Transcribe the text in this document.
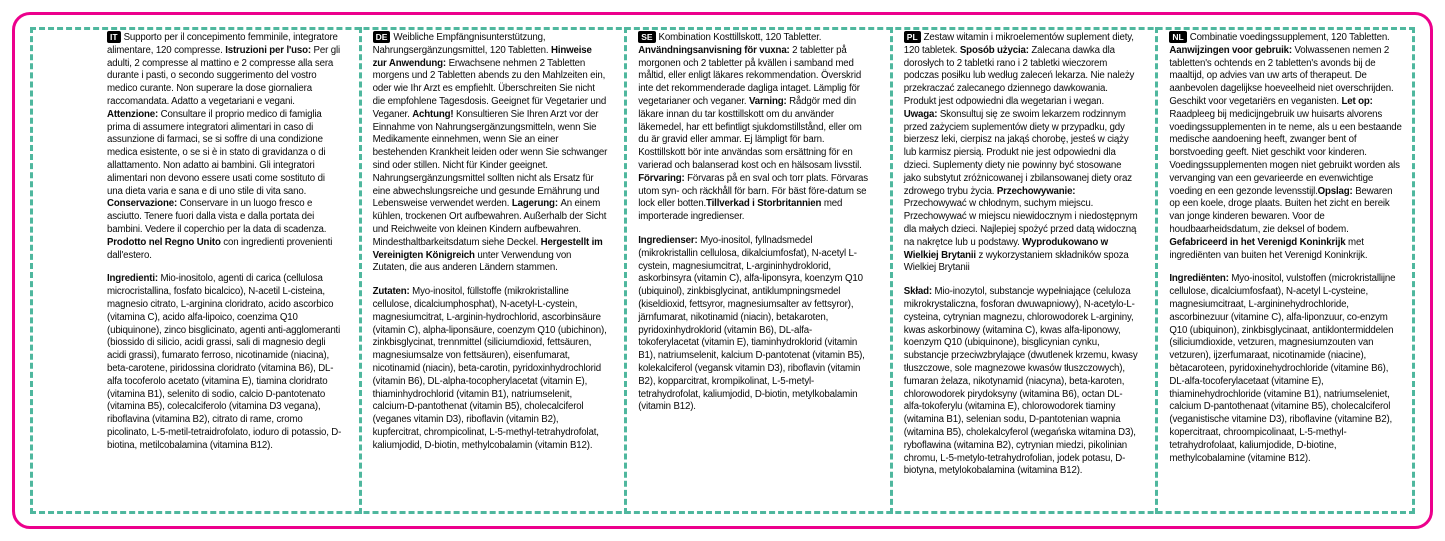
IT Supporto per il concepimento femminile, integratore alimentare, 120 compresse. Istruzioni per l'uso: Per gli adulti, 2 compresse al mattino e 2 compresse alla sera durante i pasti, o secondo suggerimento del vostro medico curante. Non superare la dose giornaliera raccomandata. Adatto a vegetariani e vegani. Attenzione: Consultare il proprio medico di famiglia prima di assumere integratori alimentari in caso di assunzione di farmaci, se si soffre di una condizione medica esistente, o se si è in stato di gravidanza o di allattamento. Non adatto ai bambini. Gli integratori alimentari non devono essere usati come sostituto di una dieta varia e sana e di uno stile di vita sano. Conservazione: Conservare in un luogo fresco e asciutto. Tenere fuori dalla vista e dalla portata dei bambini. Vedere il coperchio per la data di scadenza. Prodotto nel Regno Unito con ingredienti provenienti dall'estero.

Ingredienti: Mio-inositolo, agenti di carica (cellulosa microcristallina, fosfato bicalcico), N-acetil L-cisteina, magnesio citrato, L-arginina cloridrato, acido ascorbico (vitamina C), acido alfa-lipoico, coenzima Q10 (ubiquinone), zinco bisglicinato, agenti anti-agglomeranti (biossido di silicio, acidi grassi, sali di magnesio degli acidi grassi), fumarato ferroso, nicotinamide (niacina), beta-carotene, piridossina cloridrato (vitamina B6), DL-alfa tocoferolo acetato (vitamina E), tiamina cloridrato (vitamina B1), selenito di sodio, calcio D-pantotenato (vitamina B5), colecalciferolo (vitamina D3 vegana), riboflavina (vitamina B2), citrato di rame, cromo picolinato, L-5-metil-tetraidrofolato, ioduro di potassio, D-biotina, metilcobalamina (vitamina B12).

DE Weibliche Empfängnisunterstützung, Nahrungsergänzungsmittel, 120 Tabletten. Hinweise zur Anwendung: Erwachsene nehmen 2 Tabletten morgens und 2 Tabletten abends zu den Mahlzeiten ein, oder wie Ihr Arzt es empfiehlt. Überschreiten Sie nicht die empfohlene Tagesdosis. Geeignet für Vegetarier und Veganer. Achtung! Konsultieren Sie Ihren Arzt vor der Einnahme von Nahrungsergänzungsmitteln, wenn Sie Medikamente einnehmen, wenn Sie an einer bestehenden Krankheit leiden oder wenn Sie schwanger sind oder stillen. Nicht für Kinder geeignet. Nahrungsergänzungsmittel sollten nicht als Ersatz für eine abwechslungsreiche und gesunde Ernährung und Lebensweise verwendet werden. Lagerung: An einem kühlen, trockenen Ort aufbewahren. Außerhalb der Sicht und Reichweite von kleinen Kindern aufbewahren. Mindesthaltbarkeitsdatum siehe Deckel. Hergestellt im Vereinigten Königreich unter Verwendung von Zutaten, die aus anderen Ländern stammen.

Zutaten: Myo-inositol, füllstoffe (mikrokristalline cellulose, dicalciumphosphat), N-acetyl-L-cystein, magnesiumcitrat, L-arginin-hydrochlorid, ascorbinsäure (vitamin C), alpha-liponsäure, coenzym Q10 (ubichinon), zinkbisglycinat, trennmittel (siliciumdioxid, fettsäuren, magnesiumsalze von fettsäuren), eisenfumarat, nicotinamid (niacin), beta-carotin, pyridoxinhydrochlorid (vitamin B6), DL-alpha-tocopherylacetat (vitamin E), thiaminhydrochlorid (vitamin B1), natriumselenit, calcium-D-pantothenat (vitamin B5), cholecalciferol (veganes vitamin D3), riboflavin (vitamin B2), kupfercitrat, chrompicolinat, L-5-methyl-tetrahydrofolat, kaliumjodid, D-biotin, methylcobalamin (vitamin B12).

SE Kombination Kosttillskott, 120 Tabletter. Användningsanvisning för vuxna: 2 tabletter på morgonen och 2 tabletter på kvällen i samband med måltid, eller enligt läkares rekommendation. Överskrid inte det rekommenderade dagliga intaget. Lämplig för vegetarianer och veganer. Varning: Rådgör med din läkare innan du tar kosttillskott om du använder läkemedel, har ett befintligt sjukdomstillstånd, eller om du är gravid eller ammar. Ej lämpligt för barn. Kosttillskott bör inte användas som ersättning för en varierad och balanserad kost och en hälsosam livsstil. Förvaring: Förvaras på en sval och torr plats. Förvaras utom syn- och räckhåll för barn. För bäst före-datum se lock eller botten.Tillverkad i Storbritannien med importerade ingredienser.

Ingredienser: Myo-inositol, fyllnadsmedel (mikrokristallin cellulosa, dikalciumfosfat), N-acetyl L-cystein, magnesiumcitrat, L-argininhydroklorid, askorbinsyra (vitamin C), alfa-liponsyra, koenzym Q10 (ubiquinol), zinkbisglycinat, antiklumpningsmedel (kiseldioxid, fettsyror, magnesiumsalter av fettsyror), järnfumarat, nikotinamid (niacin), betakaroten, pyridoxinhydroklorid (vitamin B6), DL-alfa-tokoferylacetat (vitamin E), tiaminhydroklorid (vitamin B1), natriumselenit, kalcium D-pantotenat (vitamin B5), kolekalciferol (vegansk vitamin D3), riboflavin (vitamin B2), kopparcitrat, krompikolinat, L-5-metyl-tetrahydrofolat, kaliumjodid, D-biotin, metylkobalamin (vitamin B12).

PL Zestaw witamin i mikroelementów suplement diety, 120 tabletek. Sposób użycia: Zalecana dawka dla dorosłych to 2 tabletki rano i 2 tabletki wieczorem podczas posiłku lub według zaleceń lekarza. Nie należy przekraczać zalecanego dziennego dawkowania. Produkt jest odpowiedni dla wegetarian i wegan. Uwaga: Skonsultuj się ze swoim lekarzem rodzinnym przed zażyciem suplementów diety w przypadku, gdy bierzesz leki, cierpisz na jakąś chorobę, jesteś w ciąży lub karmisz piersią. Produkt nie jest odpowiedni dla dzieci. Suplementy diety nie powinny być stosowane jako substytut zróżnicowanej i zbilansowanej diety oraz zdrowego trybu życia. Przechowywanie: Przechowywać w chłodnym, suchym miejscu. Przechowywać w miejscu niewidocznym i niedostępnym dla małych dzieci. Najlepiej spożyć przed datą widoczną na nakrętce lub u podstawy. Wyprodukowano w Wielkiej Brytanii z wykorzystaniem składników spoza Wielkiej Brytanii

Skład: Mio-inozytol, substancje wypełniające (celuloza mikrokrystaliczna, fosforan dwuwapniowy), N-acetylo-L-cysteina, cytrynian magnezu, chlorowodorek L-argininy, kwas askorbinowy (witamina C), kwas alfa-liponowy, koenzym Q10 (ubiquinone), bisglicynian cynku, substancje przeciwzbrylające (dwutlenek krzemu, kwasy tłuszczowe, sole magnezowe kwasów tłuszczowych), fumaran żelaza, nikotynamid (niacyna), beta-karoten, chlorowodorek pirydoksyny (witamina B6), octan DL-alfa-tokoferylu (witamina E), chlorowodorek tiaminy (witamina B1), selenian sodu, D-pantotenian wapnia (witamina B5), cholekalcyferol (wegańska witamina D3), ryboflawina (witamina B2), cytrynian miedzi, pikolinian chromu, L-5-metylo-tetrahydrofolian, jodek potasu, D-biotyna, metylokobalamina (witamina B12).

NL Combinatie voedingssupplement, 120 Tabletten. Aanwijzingen voor gebruik: Volwassenen nemen 2 tabletten's ochtends en 2 tabletten's avonds bij de maaltijd, op advies van uw arts of therapeut. De aanbevolen dagelijkse hoeveelheid niet overschrijden. Geschikt voor vegetariërs en veganisten. Let op: Raadpleeg bij medicijngebruik uw huisarts alvorens voedingssupplementen in te neme, als u een bestaande medische aandoening heeft, zwanger bent of borstvoeding geeft. Niet geschikt voor kinderen. Voedingssupplementen mogen niet gebruikt worden als vervanging van een gevarieerde en evenwichtige voeding en een gezonde levensstijl.Opslag: Bewaren op een koele, droge plaats. Buiten het zicht en bereik van jonge kinderen bewaren. Voor de houdbaarheidsdatum, zie deksel of bodem. Gefabriceerd in het Verenigd Koninkrijk met ingrediënten van buiten het Verenigd Koninkrijk.

Ingrediënten: Myo-inositol, vulstoffen (microkristallijne cellulose, dicalciumfosfaat), N-acetyl L-cysteine, magnesiumcitraat, L-argininehydrochloride, ascorbinezuur (vitamine C), alfa-liponzuur, co-enzym Q10 (ubiquinon), zinkbisglycinaat, antiklontermiddelen (siliciumdioxide, vetzuren, magnesiumzouten van vetzuren), ijzerfumaraat, nicotinamide (niacine), bètacaroteen, pyridoxinehydrochloride (vitamine B6), DL-alfa-tocoferylacetaat (vitamine E), thiaminehydrochloride (vitamine B1), natriumseleniet, calcium D-pantothenaat (vitamine B5), cholecalciferol (veganistische vitamine D3), riboflavine (vitamine B2), kopercitraat, chroompicolinaat, L-5-methyl-tetrahydrofolaat, kaliumjodide, D-biotine, methylcobalamine (vitamine B12).
